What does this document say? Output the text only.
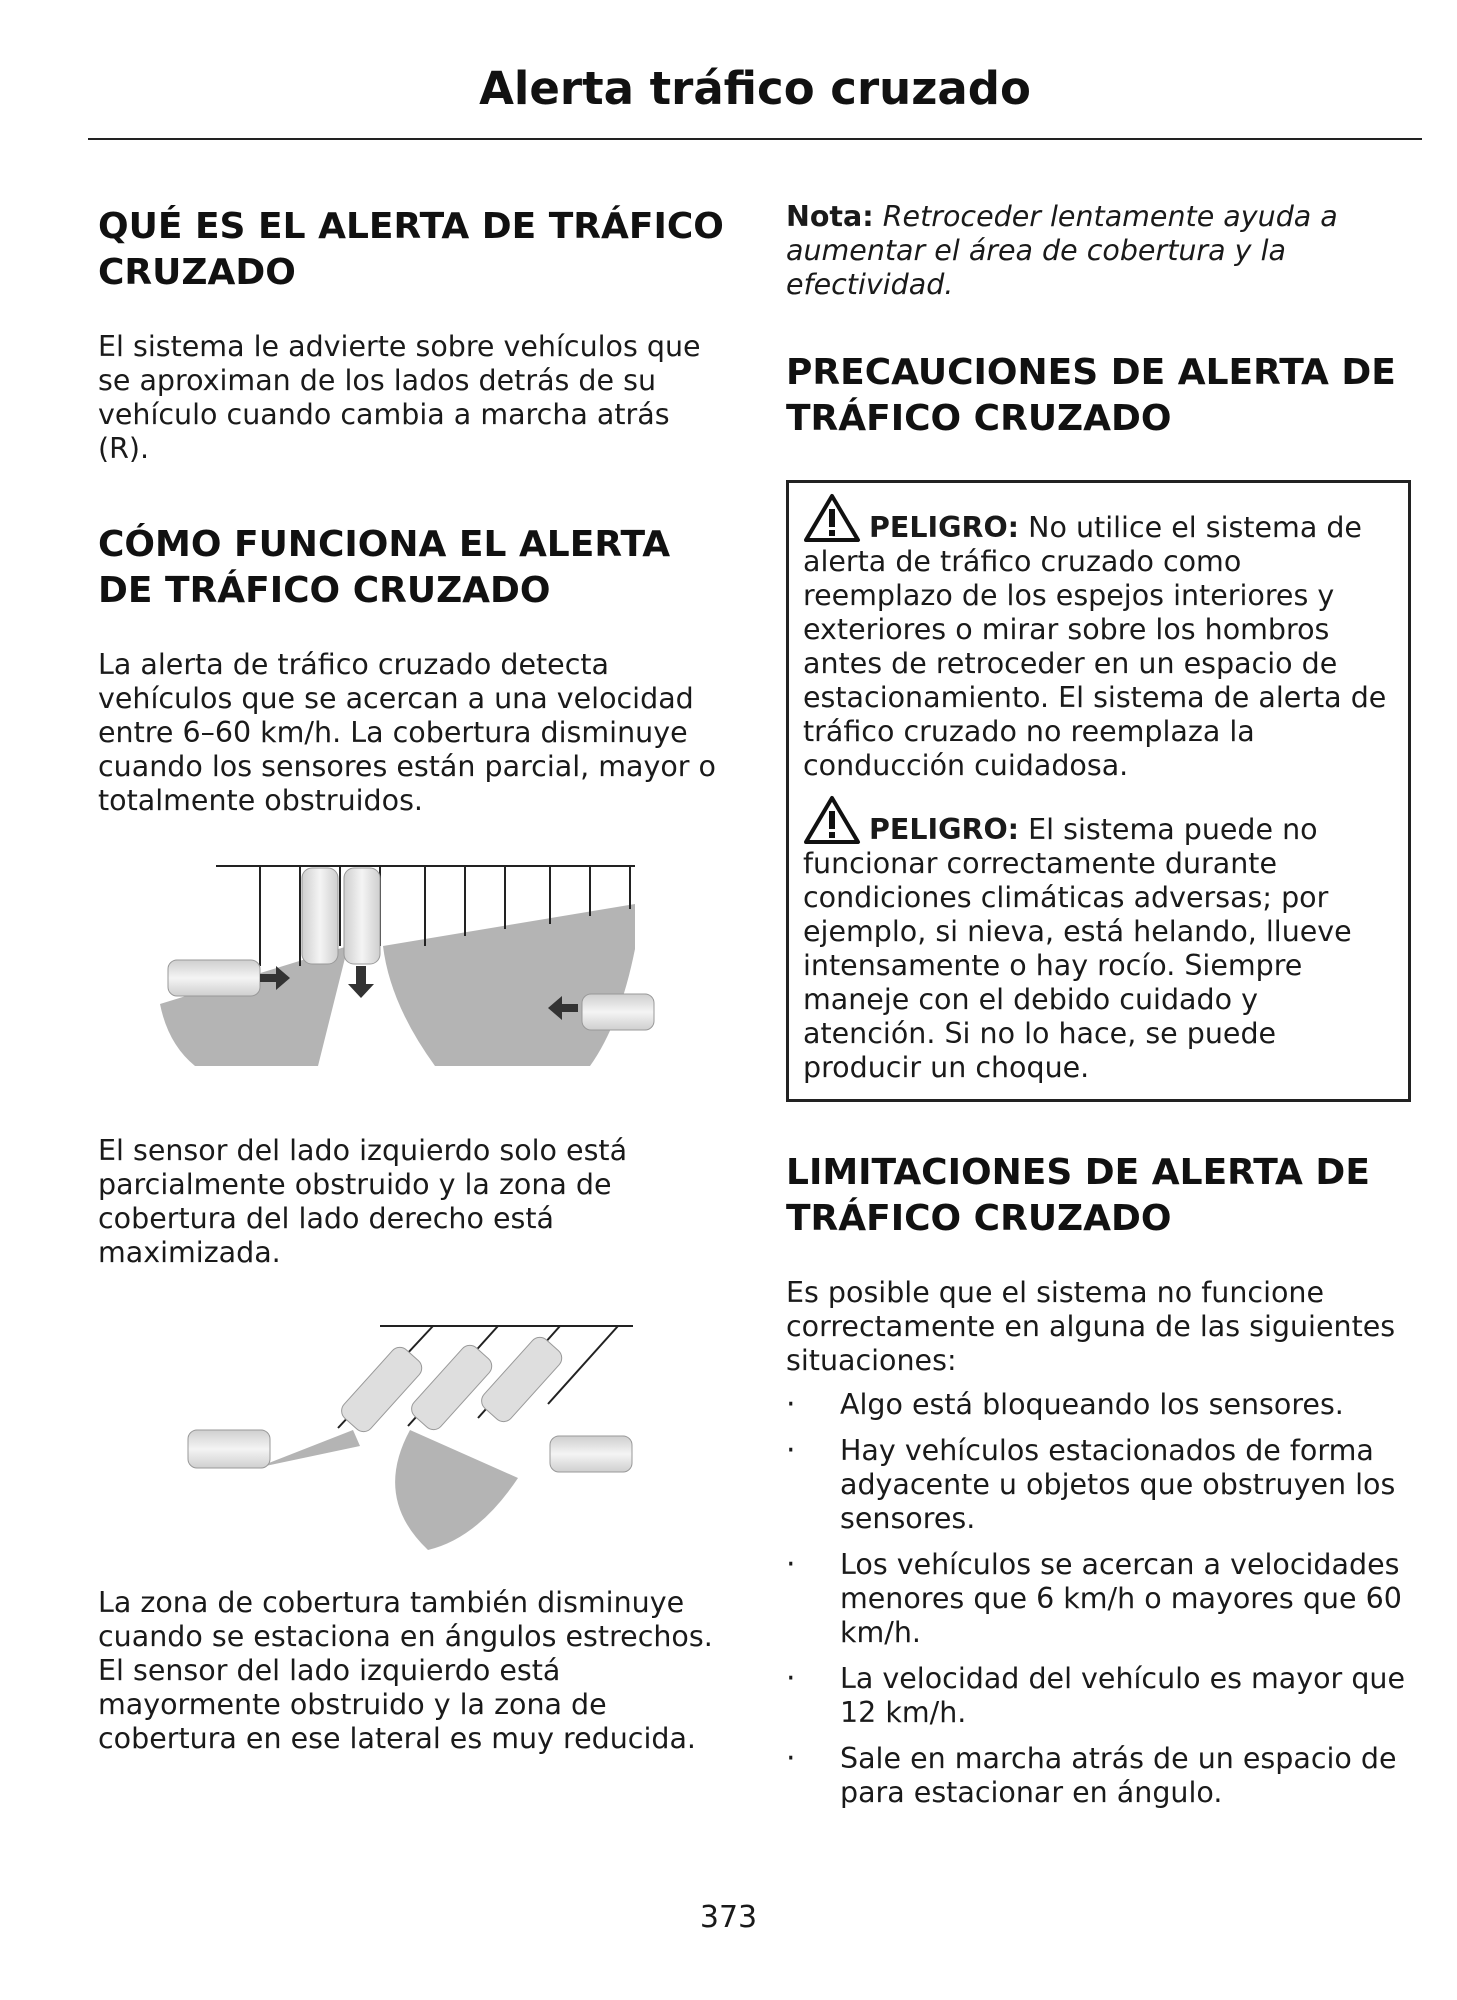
Alerta tráfico cruzado
QUÉ ES EL ALERTA DE TRÁFICO CRUZADO

El sistema le advierte sobre vehículos que se aproximan de los lados detrás de su vehículo cuando cambia a marcha atrás (R).

CÓMO FUNCIONA EL ALERTA DE TRÁFICO CRUZADO

La alerta de tráfico cruzado detecta vehículos que se acercan a una velocidad entre 6–60 km/h. La cobertura disminuye cuando los sensores están parcial, mayor o totalmente obstruidos.

El sensor del lado izquierdo solo está parcialmente obstruido y la zona de cobertura del lado derecho está maximizada.

La zona de cobertura también disminuye cuando se estaciona en ángulos estrechos. El sensor del lado izquierdo está mayormente obstruido y la zona de cobertura en ese lateral es muy reducida.

Nota: Retroceder lentamente ayuda a aumentar el área de cobertura y la efectividad.

PRECAUCIONES DE ALERTA DE TRÁFICO CRUZADO

PELIGRO: No utilice el sistema de alerta de tráfico cruzado como reemplazo de los espejos interiores y exteriores o mirar sobre los hombros antes de retroceder en un espacio de estacionamiento. El sistema de alerta de tráfico cruzado no reemplaza la conducción cuidadosa.

PELIGRO: El sistema puede no funcionar correctamente durante condiciones climáticas adversas; por ejemplo, si nieva, está helando, llueve intensamente o hay rocío. Siempre maneje con el debido cuidado y atención. Si no lo hace, se puede producir un choque.

LIMITACIONES DE ALERTA DE TRÁFICO CRUZADO

Es posible que el sistema no funcione correctamente en alguna de las siguientes situaciones:

· Algo está bloqueando los sensores.
· Hay vehículos estacionados de forma adyacente u objetos que obstruyen los sensores.
· Los vehículos se acercan a velocidades menores que 6 km/h o mayores que 60 km/h.
· La velocidad del vehículo es mayor que 12 km/h.
· Sale en marcha atrás de un espacio de para estacionar en ángulo.
373
